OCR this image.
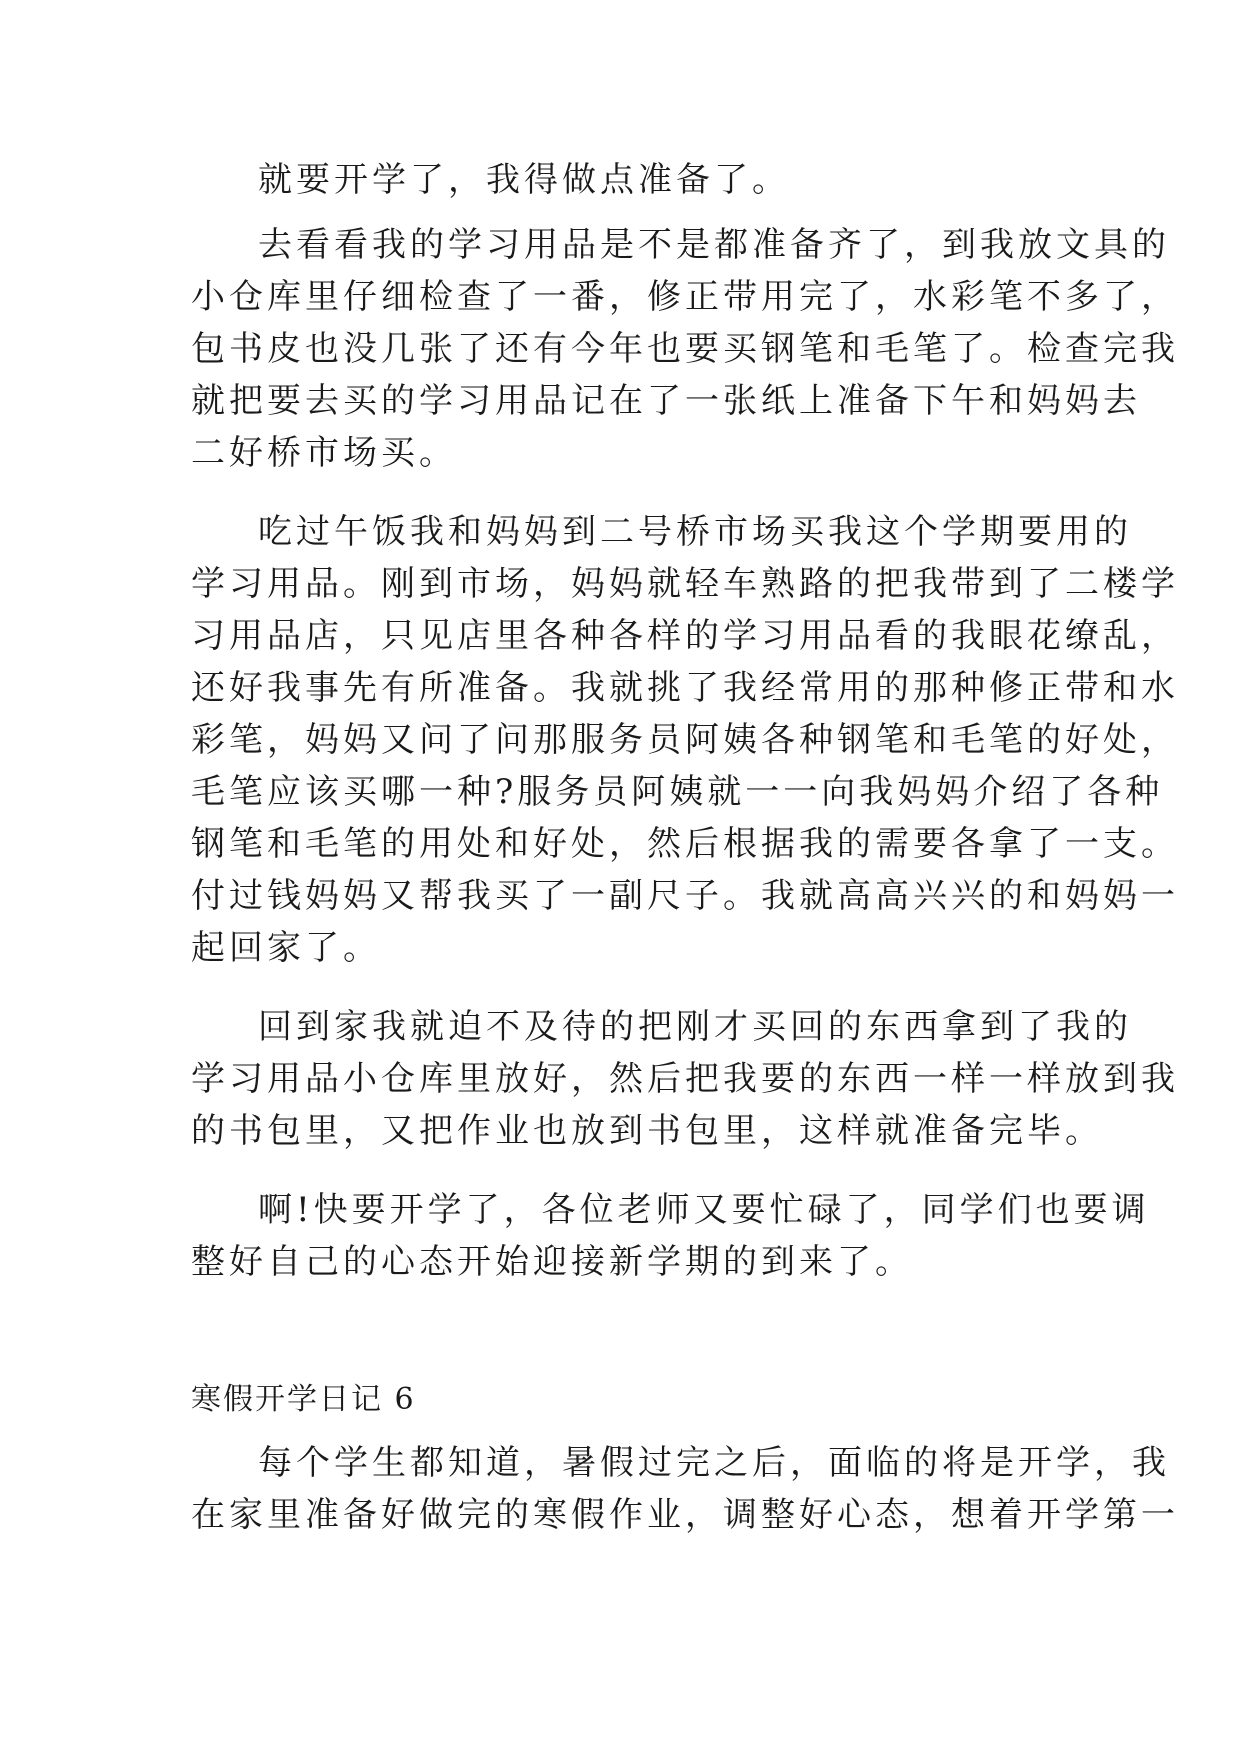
就要开学了，我得做点准备了。
去看看我的学习用品是不是都准备齐了，到我放文具的
小仓库里仔细检查了一番，修正带用完了，水彩笔不多了，
包书皮也没几张了还有今年也要买钢笔和毛笔了。检查完我
就把要去买的学习用品记在了一张纸上准备下午和妈妈去
二好桥市场买。
吃过午饭我和妈妈到二号桥市场买我这个学期要用的
学习用品。刚到市场，妈妈就轻车熟路的把我带到了二楼学
习用品店，只见店里各种各样的学习用品看的我眼花缭乱，
还好我事先有所准备。我就挑了我经常用的那种修正带和水
彩笔，妈妈又问了问那服务员阿姨各种钢笔和毛笔的好处，
毛笔应该买哪一种?服务员阿姨就一一向我妈妈介绍了各种
钢笔和毛笔的用处和好处，然后根据我的需要各拿了一支。
付过钱妈妈又帮我买了一副尺子。我就高高兴兴的和妈妈一
起回家了。
回到家我就迫不及待的把刚才买回的东西拿到了我的
学习用品小仓库里放好，然后把我要的东西一样一样放到我
的书包里，又把作业也放到书包里，这样就准备完毕。
啊!快要开学了，各位老师又要忙碌了，同学们也要调
整好自己的心态开始迎接新学期的到来了。
寒假开学日记 6
每个学生都知道，暑假过完之后，面临的将是开学，我
在家里准备好做完的寒假作业，调整好心态，想着开学第一
